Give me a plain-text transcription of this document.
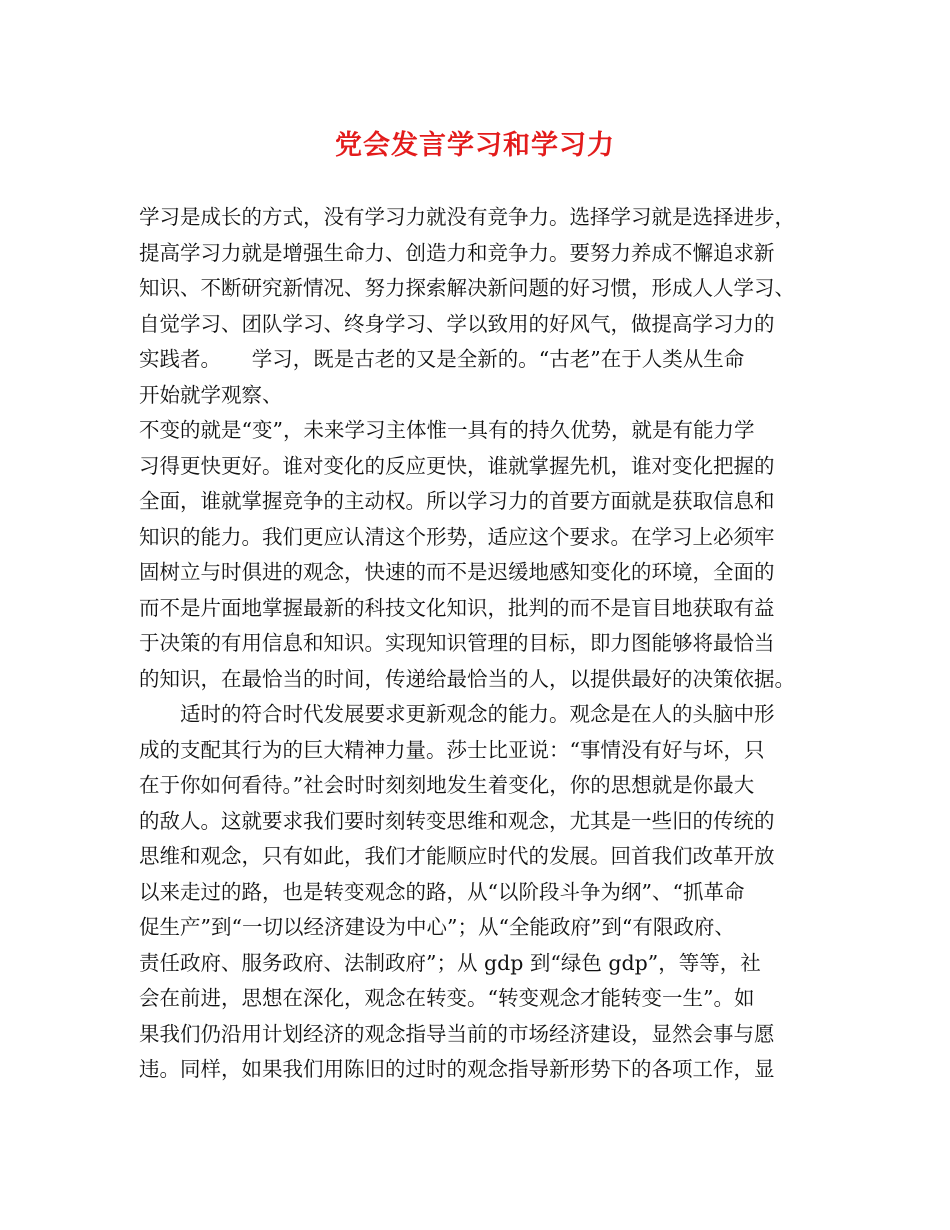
党会发言学习和学习力
学习是成长的方式，没有学习力就没有竞争力。选择学习就是选择进步，
提高学习力就是增强生命力、创造力和竞争力。要努力养成不懈追求新
知识、不断研究新情况、努力探索解决新问题的好习惯，形成人人学习、
自觉学习、团队学习、终身学习、学以致用的好风气，做提高学习力的
实践者。　　学习，既是古老的又是全新的。“古老”在于人类从生命
开始就学观察、
不变的就是“变”，未来学习主体惟一具有的持久优势，就是有能力学
习得更快更好。谁对变化的反应更快，谁就掌握先机，谁对变化把握的
全面，谁就掌握竞争的主动权。所以学习力的首要方面就是获取信息和
知识的能力。我们更应认清这个形势，适应这个要求。在学习上必须牢
固树立与时俱进的观念，快速的而不是迟缓地感知变化的环境，全面的
而不是片面地掌握最新的科技文化知识，批判的而不是盲目地获取有益
于决策的有用信息和知识。实现知识管理的目标，即力图能够将最恰当
的知识，在最恰当的时间，传递给最恰当的人，以提供最好的决策依据。
　　适时的符合时代发展要求更新观念的能力。观念是在人的头脑中形
成的支配其行为的巨大精神力量。莎士比亚说：“事情没有好与坏，只
在于你如何看待。”社会时时刻刻地发生着变化，你的思想就是你最大
的敌人。这就要求我们要时刻转变思维和观念，尤其是一些旧的传统的
思维和观念，只有如此，我们才能顺应时代的发展。回首我们改革开放
以来走过的路，也是转变观念的路，从“以阶段斗争为纲”、“抓革命
促生产”到“一切以经济建设为中心”；从“全能政府”到“有限政府、
责任政府、服务政府、法制政府”；从 gdp 到“绿色 gdp”，等等，社
会在前进，思想在深化，观念在转变。“转变观念才能转变一生”。如
果我们仍沿用计划经济的观念指导当前的市场经济建设，显然会事与愿
违。同样，如果我们用陈旧的过时的观念指导新形势下的各项工作，显
